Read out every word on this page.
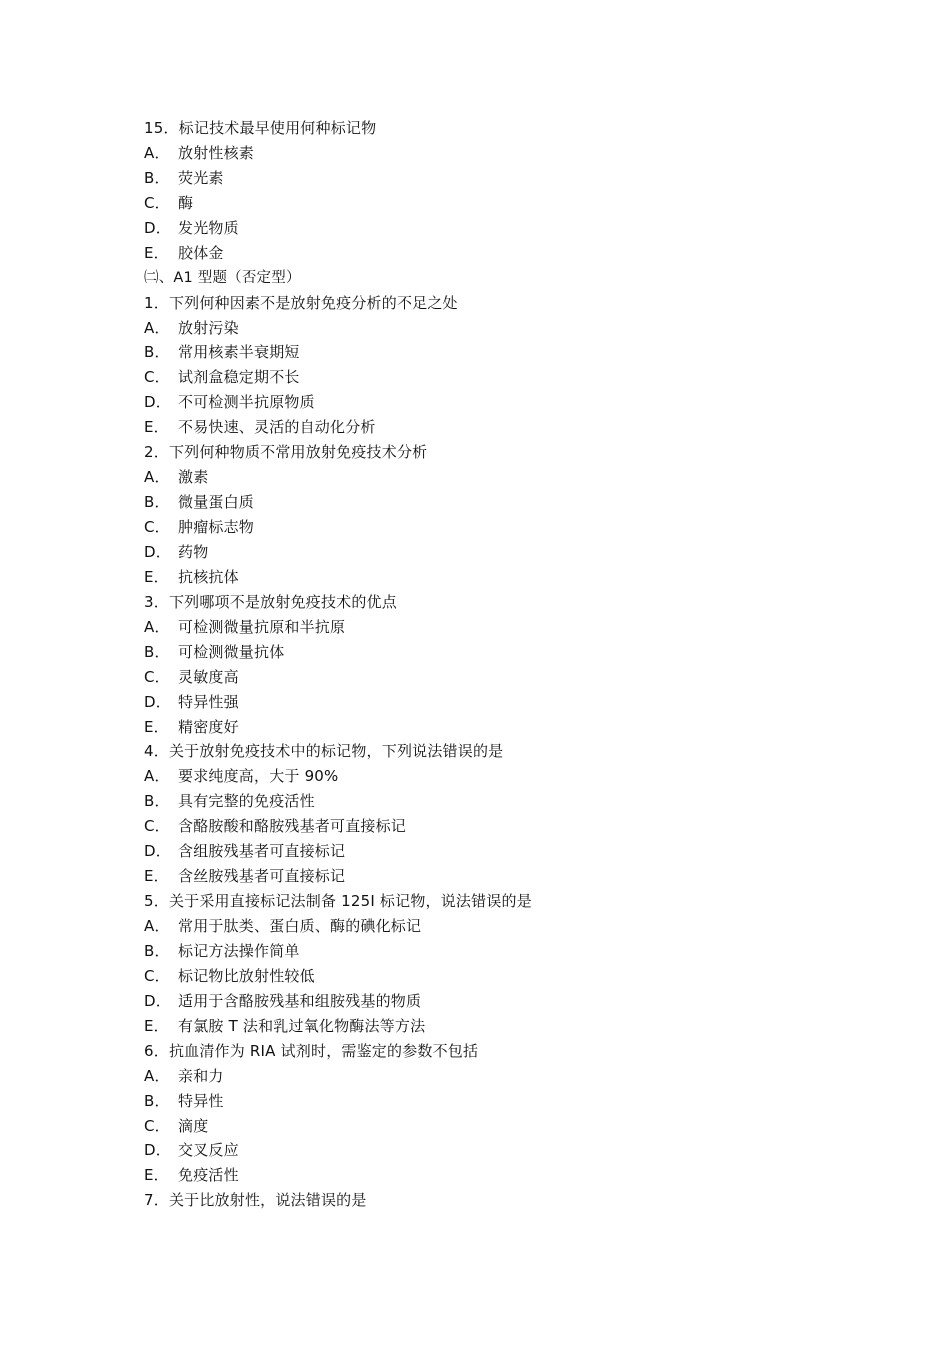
15．标记技术最早使用何种标记物
A． 放射性核素
B． 荧光素
C． 酶
D． 发光物质
E． 胶体金
㈡、A1 型题（否定型）
1．下列何种因素不是放射免疫分析的不足之处
A． 放射污染
B． 常用核素半衰期短
C． 试剂盒稳定期不长
D． 不可检测半抗原物质
E． 不易快速、灵活的自动化分析
2．下列何种物质不常用放射免疫技术分析
A． 激素
B． 微量蛋白质
C． 肿瘤标志物
D． 药物
E． 抗核抗体
3．下列哪项不是放射免疫技术的优点
A． 可检测微量抗原和半抗原
B． 可检测微量抗体
C． 灵敏度高
D． 特异性强
E． 精密度好
4．关于放射免疫技术中的标记物，下列说法错误的是
A． 要求纯度高，大于 90%
B． 具有完整的免疫活性
C． 含酪胺酸和酪胺残基者可直接标记
D． 含组胺残基者可直接标记
E． 含丝胺残基者可直接标记
5．关于采用直接标记法制备 125I 标记物，说法错误的是
A． 常用于肽类、蛋白质、酶的碘化标记
B． 标记方法操作简单
C． 标记物比放射性较低
D． 适用于含酪胺残基和组胺残基的物质
E． 有氯胺 T 法和乳过氧化物酶法等方法
6．抗血清作为 RIA 试剂时，需鉴定的参数不包括
A． 亲和力
B． 特异性
C． 滴度
D． 交叉反应
E． 免疫活性
7．关于比放射性，说法错误的是
